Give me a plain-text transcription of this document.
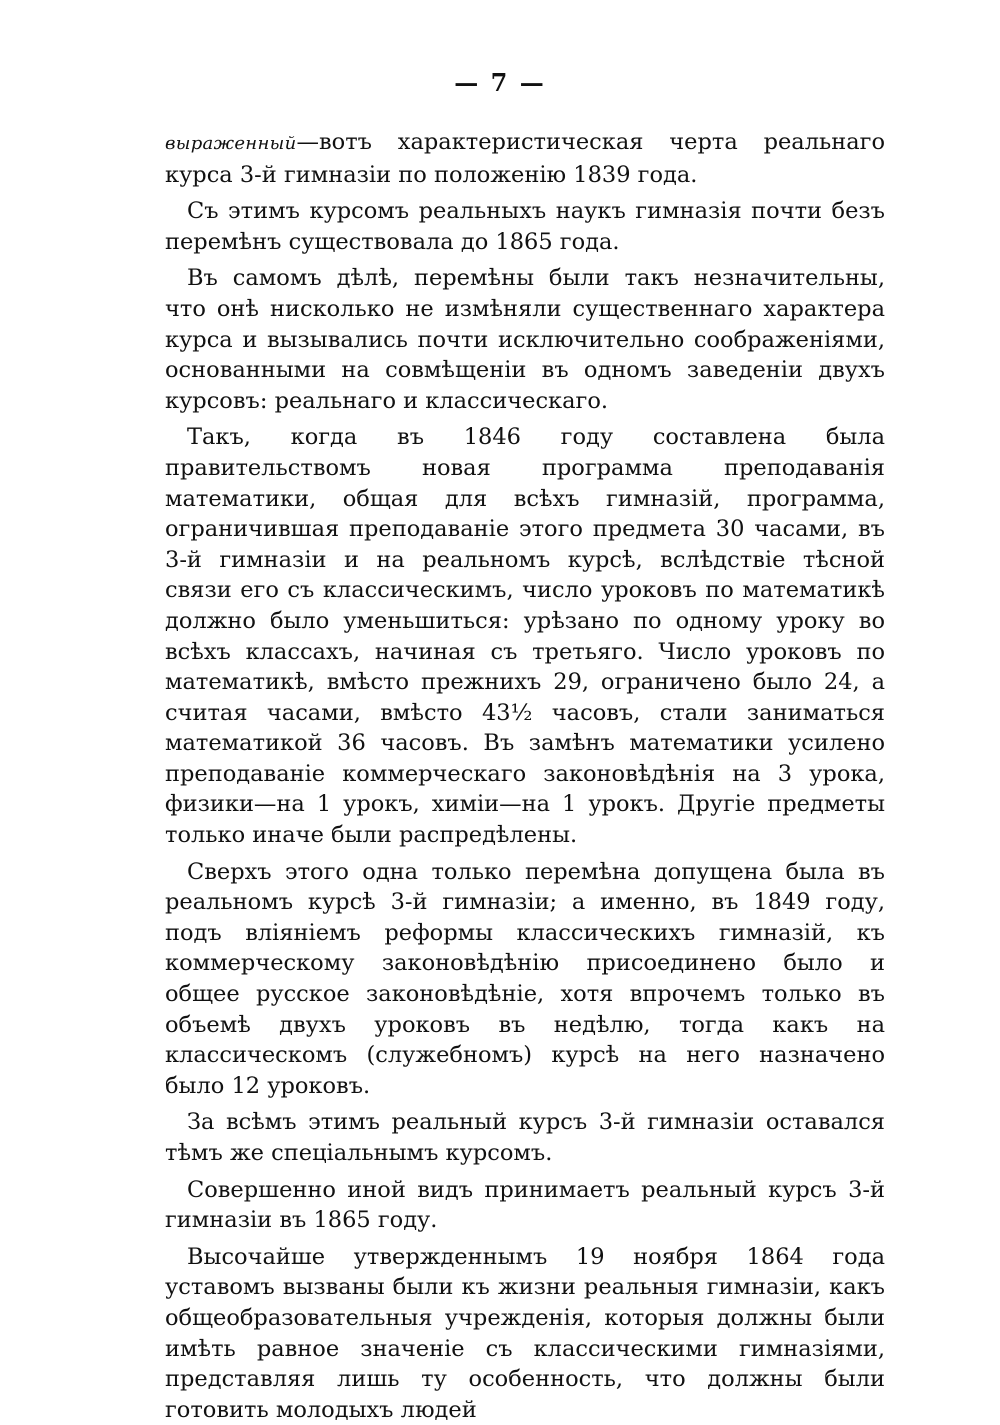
— 7 —

выраженный—вотъ характеристическая черта реальнаго курса 3-й гимназіи по положенію 1839 года.

Съ этимъ курсомъ реальныхъ наукъ гимназія почти безъ перемѣнъ существовала до 1865 года.

Въ самомъ дѣлѣ, перемѣны были такъ незначительны, что онѣ нисколько не измѣняли существеннаго характера курса и вызывались почти исключительно соображеніями, основанными на совмѣщеніи въ одномъ заведеніи двухъ курсовъ: реальнаго и классическаго.

Такъ, когда въ 1846 году составлена была правительствомъ новая программа преподаванія математики, общая для всѣхъ гимназій, программа, ограничившая преподаваніе этого предмета 30 часами, въ 3-й гимназіи и на реальномъ курсѣ, вслѣдствіе тѣсной связи его съ классическимъ, число уроковъ по математикѣ должно было уменьшиться: урѣзано по одному уроку во всѣхъ классахъ, начиная съ третьяго. Число уроковъ по математикѣ, вмѣсто прежнихъ 29, ограничено было 24, а считая часами, вмѣсто 43½ часовъ, стали заниматься математикой 36 часовъ. Въ замѣнъ математики усилено преподаваніе коммерческаго законовѣдѣнія на 3 урока, физики—на 1 урокъ, химіи—на 1 урокъ. Другіе предметы только иначе были распредѣлены.

Сверхъ этого одна только перемѣна допущена была въ реальномъ курсѣ 3-й гимназіи; а именно, въ 1849 году, подъ вліяніемъ реформы классическихъ гимназій, къ коммерческому законовѣдѣнію присоединено было и общее русское законовѣдѣніе, хотя впрочемъ только въ объемѣ двухъ уроковъ въ недѣлю, тогда какъ на классическомъ (служебномъ) курсѣ на него назначено было 12 уроковъ.

За всѣмъ этимъ реальный курсъ 3-й гимназіи оставался тѣмъ же спеціальнымъ курсомъ.

Совершенно иной видъ принимаетъ реальный курсъ 3-й гимназіи въ 1865 году.

Высочайше утвержденнымъ 19 ноября 1864 года уставомъ вызваны были къ жизни реальныя гимназіи, какъ общеобразовательныя учрежденія, которыя должны были имѣть равное значеніе съ классическими гимназіями, представляя лишь ту особенность, что должны были готовить молодыхъ людей
